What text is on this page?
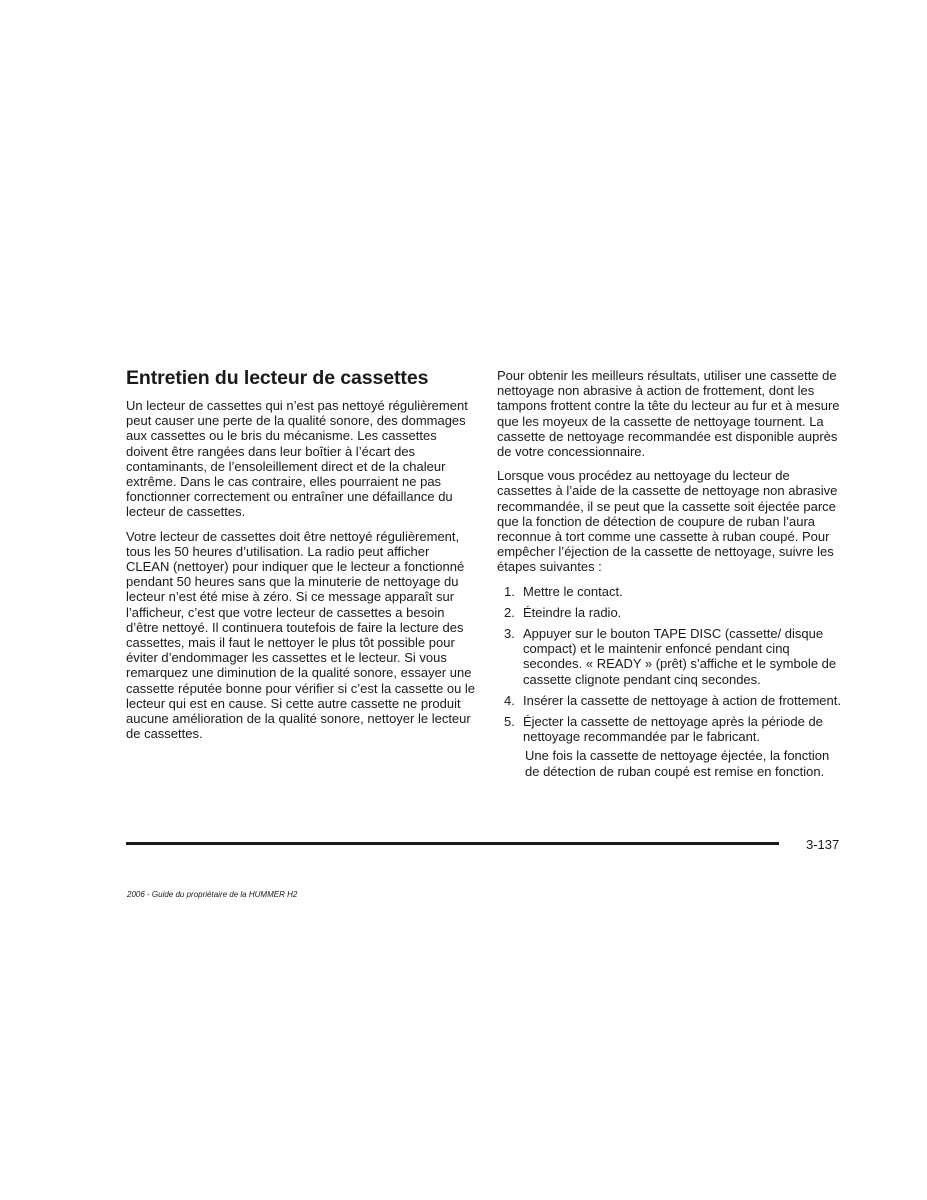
Entretien du lecteur de cassettes

Un lecteur de cassettes qui n’est pas nettoyé régulièrement peut causer une perte de la qualité sonore, des dommages aux cassettes ou le bris du mécanisme. Les cassettes doivent être rangées dans leur boîtier à l’écart des contaminants, de l’ensoleillement direct et de la chaleur extrême. Dans le cas contraire, elles pourraient ne pas fonctionner correctement ou entraîner une défaillance du lecteur de cassettes.

Votre lecteur de cassettes doit être nettoyé régulièrement, tous les 50 heures d’utilisation. La radio peut afficher CLEAN (nettoyer) pour indiquer que le lecteur a fonctionné pendant 50 heures sans que la minuterie de nettoyage du lecteur n’est été mise à zéro. Si ce message apparaît sur l’afficheur, c’est que votre lecteur de cassettes a besoin d’être nettoyé. Il continuera toutefois de faire la lecture des cassettes, mais il faut le nettoyer le plus tôt possible pour éviter d’endommager les cassettes et le lecteur. Si vous remarquez une diminution de la qualité sonore, essayer une cassette réputée bonne pour vérifier si c’est la cassette ou le lecteur qui est en cause. Si cette autre cassette ne produit aucune amélioration de la qualité sonore, nettoyer le lecteur de cassettes.

Pour obtenir les meilleurs résultats, utiliser une cassette de nettoyage non abrasive à action de frottement, dont les tampons frottent contre la tête du lecteur au fur et à mesure que les moyeux de la cassette de nettoyage tournent. La cassette de nettoyage recommandée est disponible auprès de votre concessionnaire.

Lorsque vous procédez au nettoyage du lecteur de cassettes à l’aide de la cassette de nettoyage non abrasive recommandée, il se peut que la cassette soit éjectée parce que la fonction de détection de coupure de ruban l’aura reconnue à tort comme une cassette à ruban coupé. Pour empêcher l’éjection de la cassette de nettoyage, suivre les étapes suivantes :

1. Mettre le contact.
2. Éteindre la radio.
3. Appuyer sur le bouton TAPE DISC (cassette/ disque compact) et le maintenir enfoncé pendant cinq secondes. « READY » (prêt) s’affiche et le symbole de cassette clignote pendant cinq secondes.
4. Insérer la cassette de nettoyage à action de frottement.
5. Éjecter la cassette de nettoyage après la période de nettoyage recommandée par le fabricant.

Une fois la cassette de nettoyage éjectée, la fonction de détection de ruban coupé est remise en fonction.

3-137
2006 - Guide du propriétaire de la HUMMER H2
